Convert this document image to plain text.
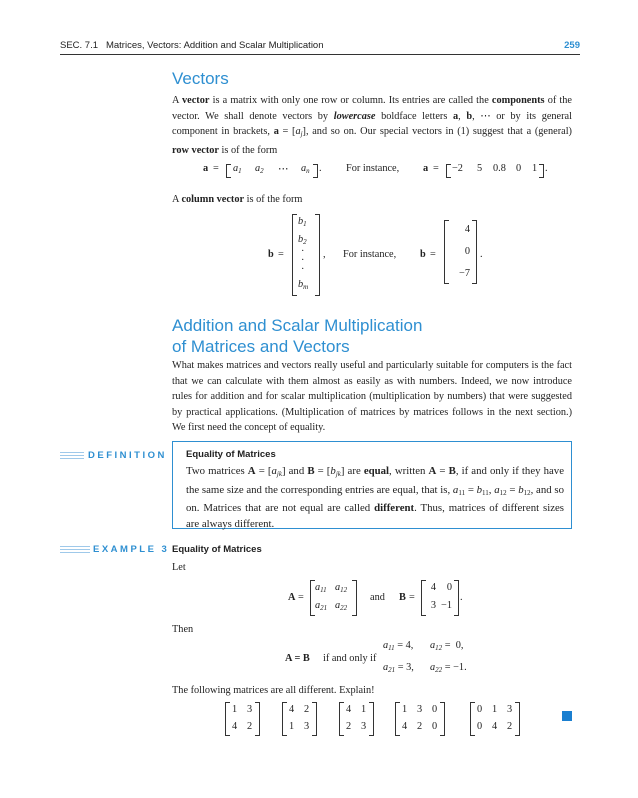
SEC. 7.1 Matrices, Vectors: Addition and Scalar Multiplication	259
Vectors
A vector is a matrix with only one row or column. Its entries are called the components of the vector. We shall denote vectors by lowercase boldface letters a, b, ⋯ or by its general component in brackets, $a = [a_j]$, and so on. Our special vectors in (1) suggest that a (general) row vector is of the form
$a = a_1$ $a_2$ ⋯ $a_n$ . For instance, a = −2 5 0.8 0 1 .
A column vector is of the form
b =
$b_1$
$b_2$
·
·
·
$b_m$
, For instance, b =
4
0
−7
.
Addition and Scalar Multiplication
of Matrices and Vectors
What makes matrices and vectors really useful and particularly suitable for computers is the fact that we can calculate with them almost as easily as with numbers. Indeed, we now introduce rules for addition and for scalar multiplication (multiplication by numbers) that were suggested by practical applications. (Multiplication of matrices by matrices follows in the next section.) We first need the concept of equality.
DEFINITION Equality of Matrices
Two matrices $A = [a_{jk}]$ and $B = [b_{jk}]$ are equal, written A = B, if and only if they have the same size and the corresponding entries are equal, that is, $a_{11} = b_{11}$, $a_{12} = b_{12}$, and so on. Matrices that are not equal are called different. Thus, matrices of different sizes are always different.
EXAMPLE 3 Equality of Matrices
Let
A =
$a_{11}$ $a_{12}$
$a_{21}$ $a_{22}$
and B =
4	0
3 −1
.
Then
A = B if and only if
$a_{11} = 4$, $a_{12} = 0$,
$a_{21} = 3$, $a_{22} = -1$.
The following matrices are all different. Explain!
1 3
4 2
4 2
1 3
4 1
2 3
1 3 0
4 2 0
0 1 3
0 4 2
